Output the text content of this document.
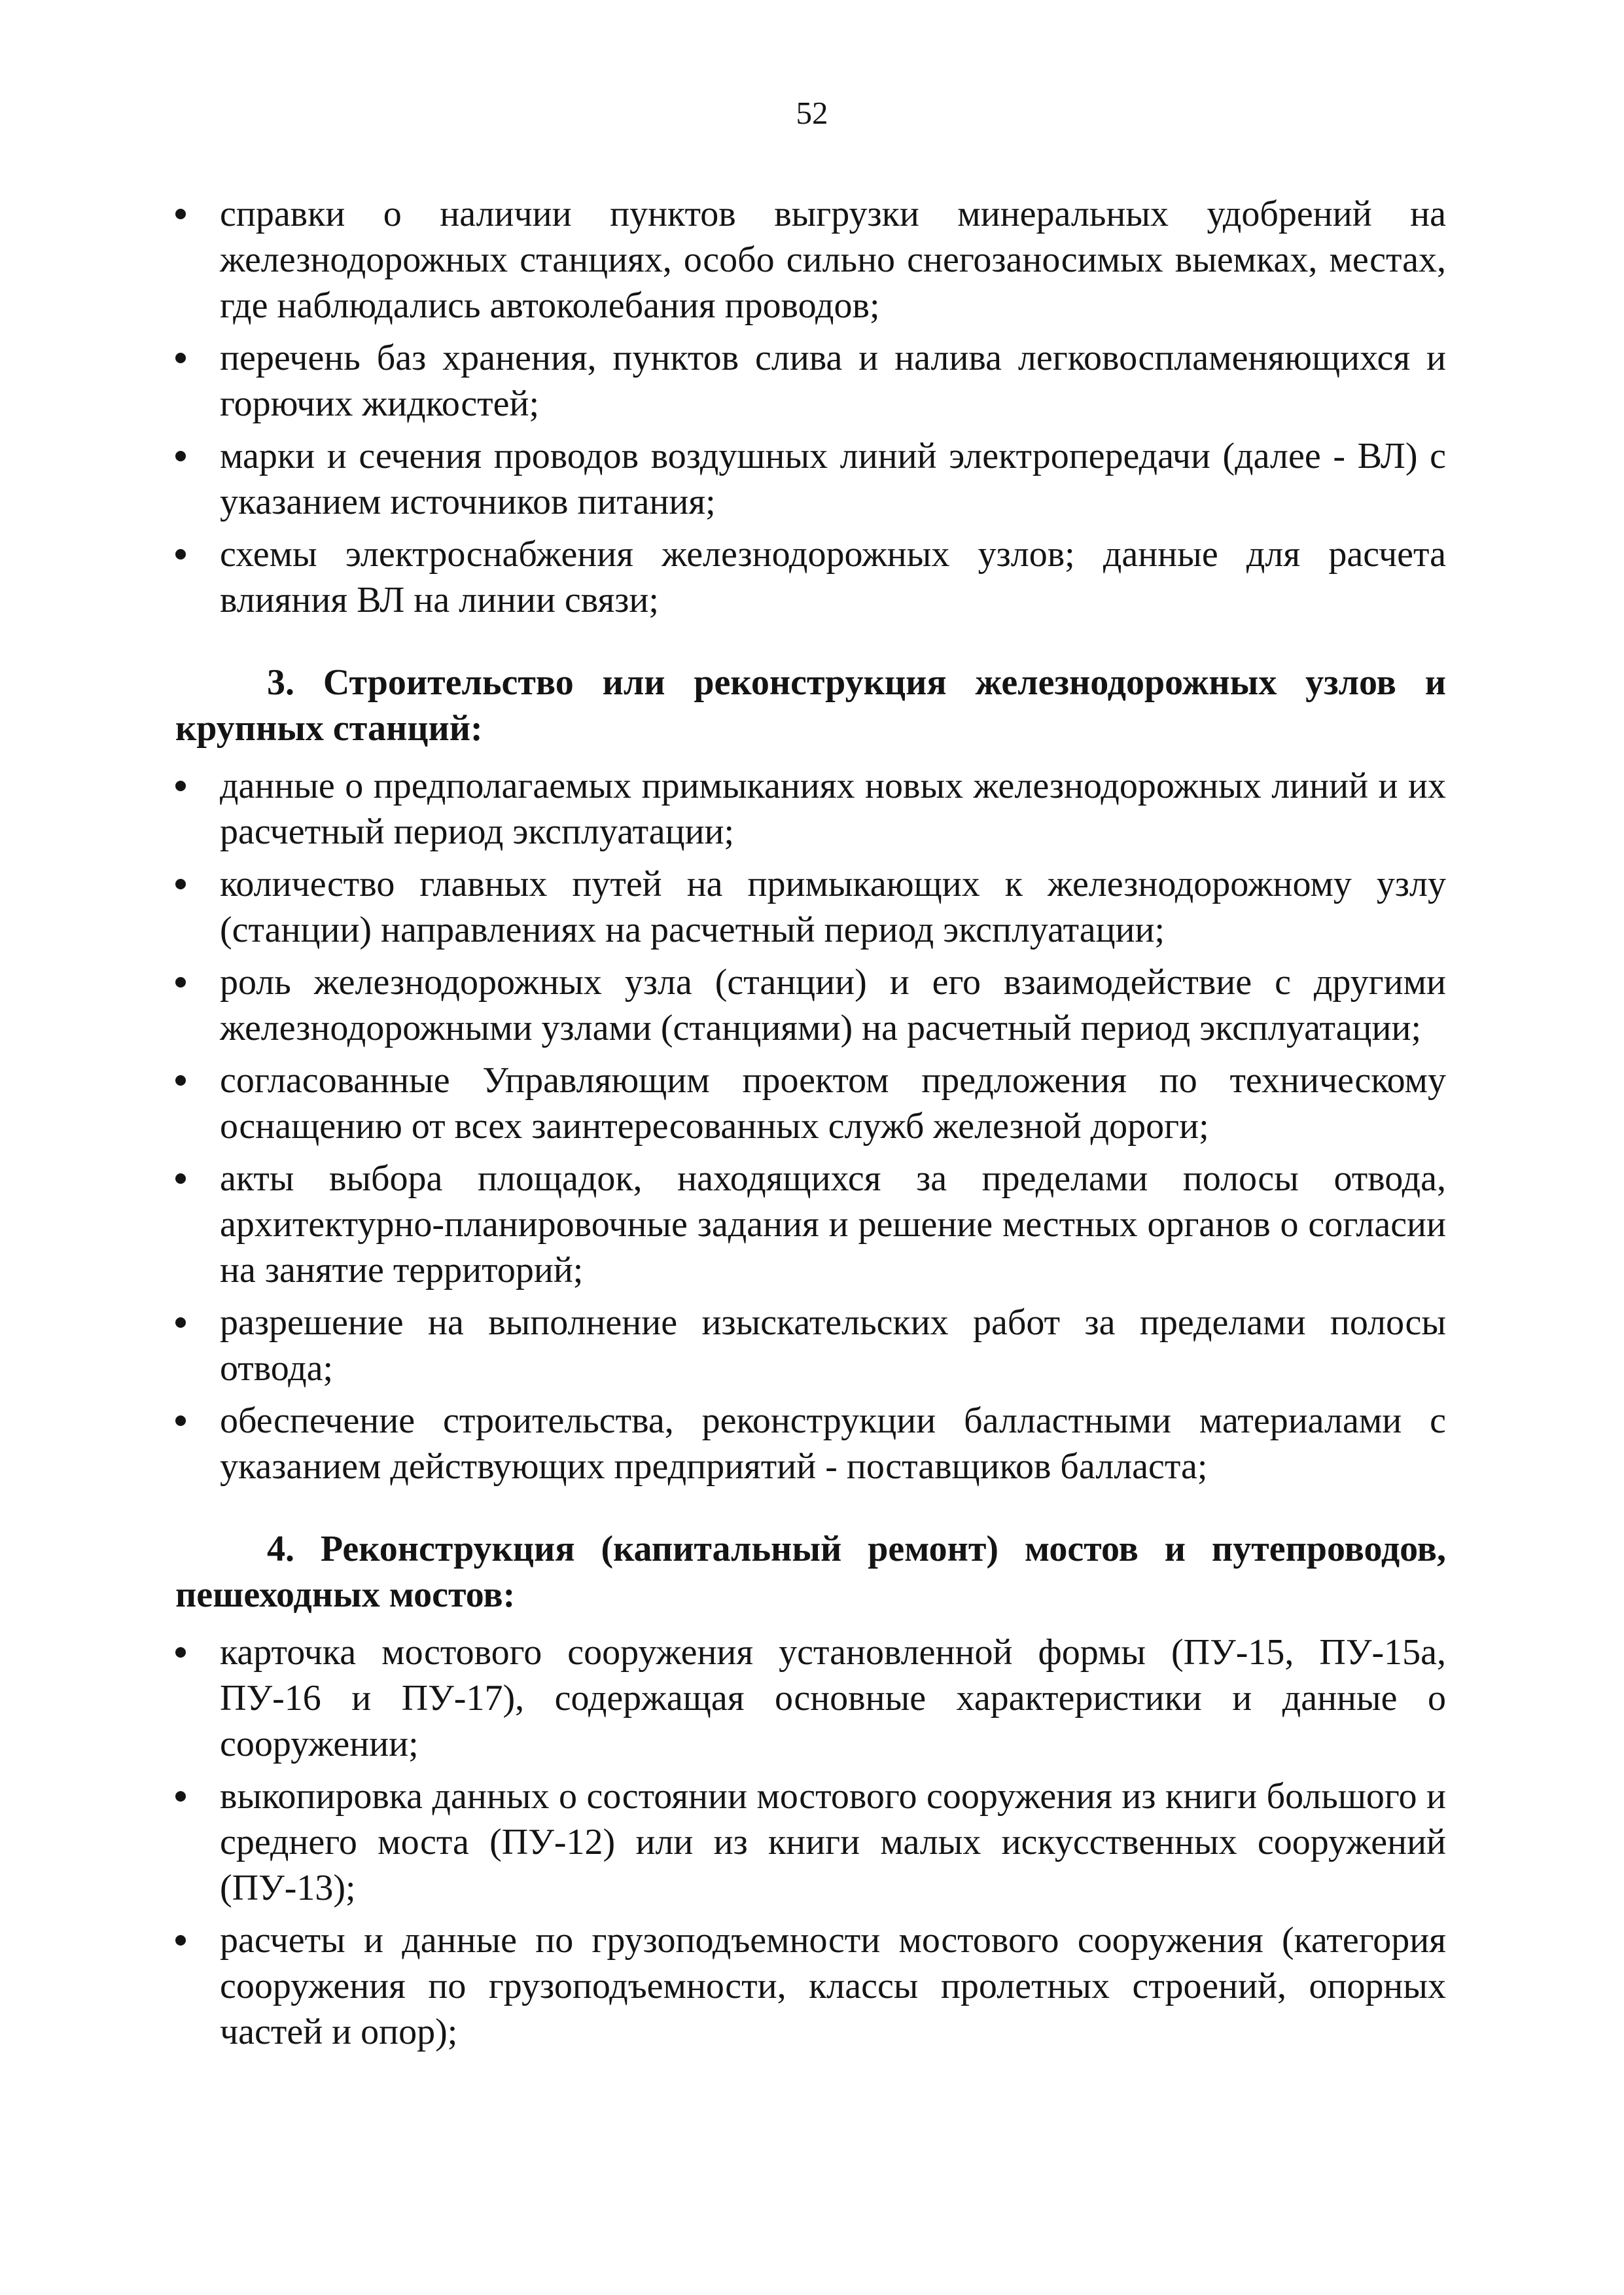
52
справки о наличии пунктов выгрузки минеральных удобрений на железнодорожных станциях, особо сильно снегозаносимых выемках, местах, где наблюдались автоколебания проводов;
перечень баз хранения, пунктов слива и налива легковоспламеняющихся и горючих жидкостей;
марки и сечения проводов воздушных линий электропередачи (далее - ВЛ) с указанием источников питания;
схемы электроснабжения железнодорожных узлов; данные для расчета влияния ВЛ на линии связи;
3. Строительство или реконструкция железнодорожных узлов и крупных станций:
данные о предполагаемых примыканиях новых железнодорожных линий и их расчетный период эксплуатации;
количество главных путей на примыкающих к железнодорожному узлу (станции) направлениях на расчетный период эксплуатации;
роль железнодорожных узла (станции) и его взаимодействие с другими железнодорожными узлами (станциями) на расчетный период эксплуатации;
согласованные Управляющим проектом предложения по техническому оснащению от всех заинтересованных служб железной дороги;
акты выбора площадок, находящихся за пределами полосы отвода, архитектурно-планировочные задания и решение местных органов о согласии на занятие территорий;
разрешение на выполнение изыскательских работ за пределами полосы отвода;
обеспечение строительства, реконструкции балластными материалами с указанием действующих предприятий - поставщиков балласта;
4. Реконструкция (капитальный ремонт) мостов и путепроводов, пешеходных мостов:
карточка мостового сооружения установленной формы (ПУ-15, ПУ-15а, ПУ-16 и ПУ-17), содержащая основные характеристики и данные о сооружении;
выкопировка данных о состоянии мостового сооружения из книги большого и среднего моста (ПУ-12) или из книги малых искусственных сооружений (ПУ-13);
расчеты и данные по грузоподъемности мостового сооружения (категория сооружения по грузоподъемности, классы пролетных строений, опорных частей и опор);
